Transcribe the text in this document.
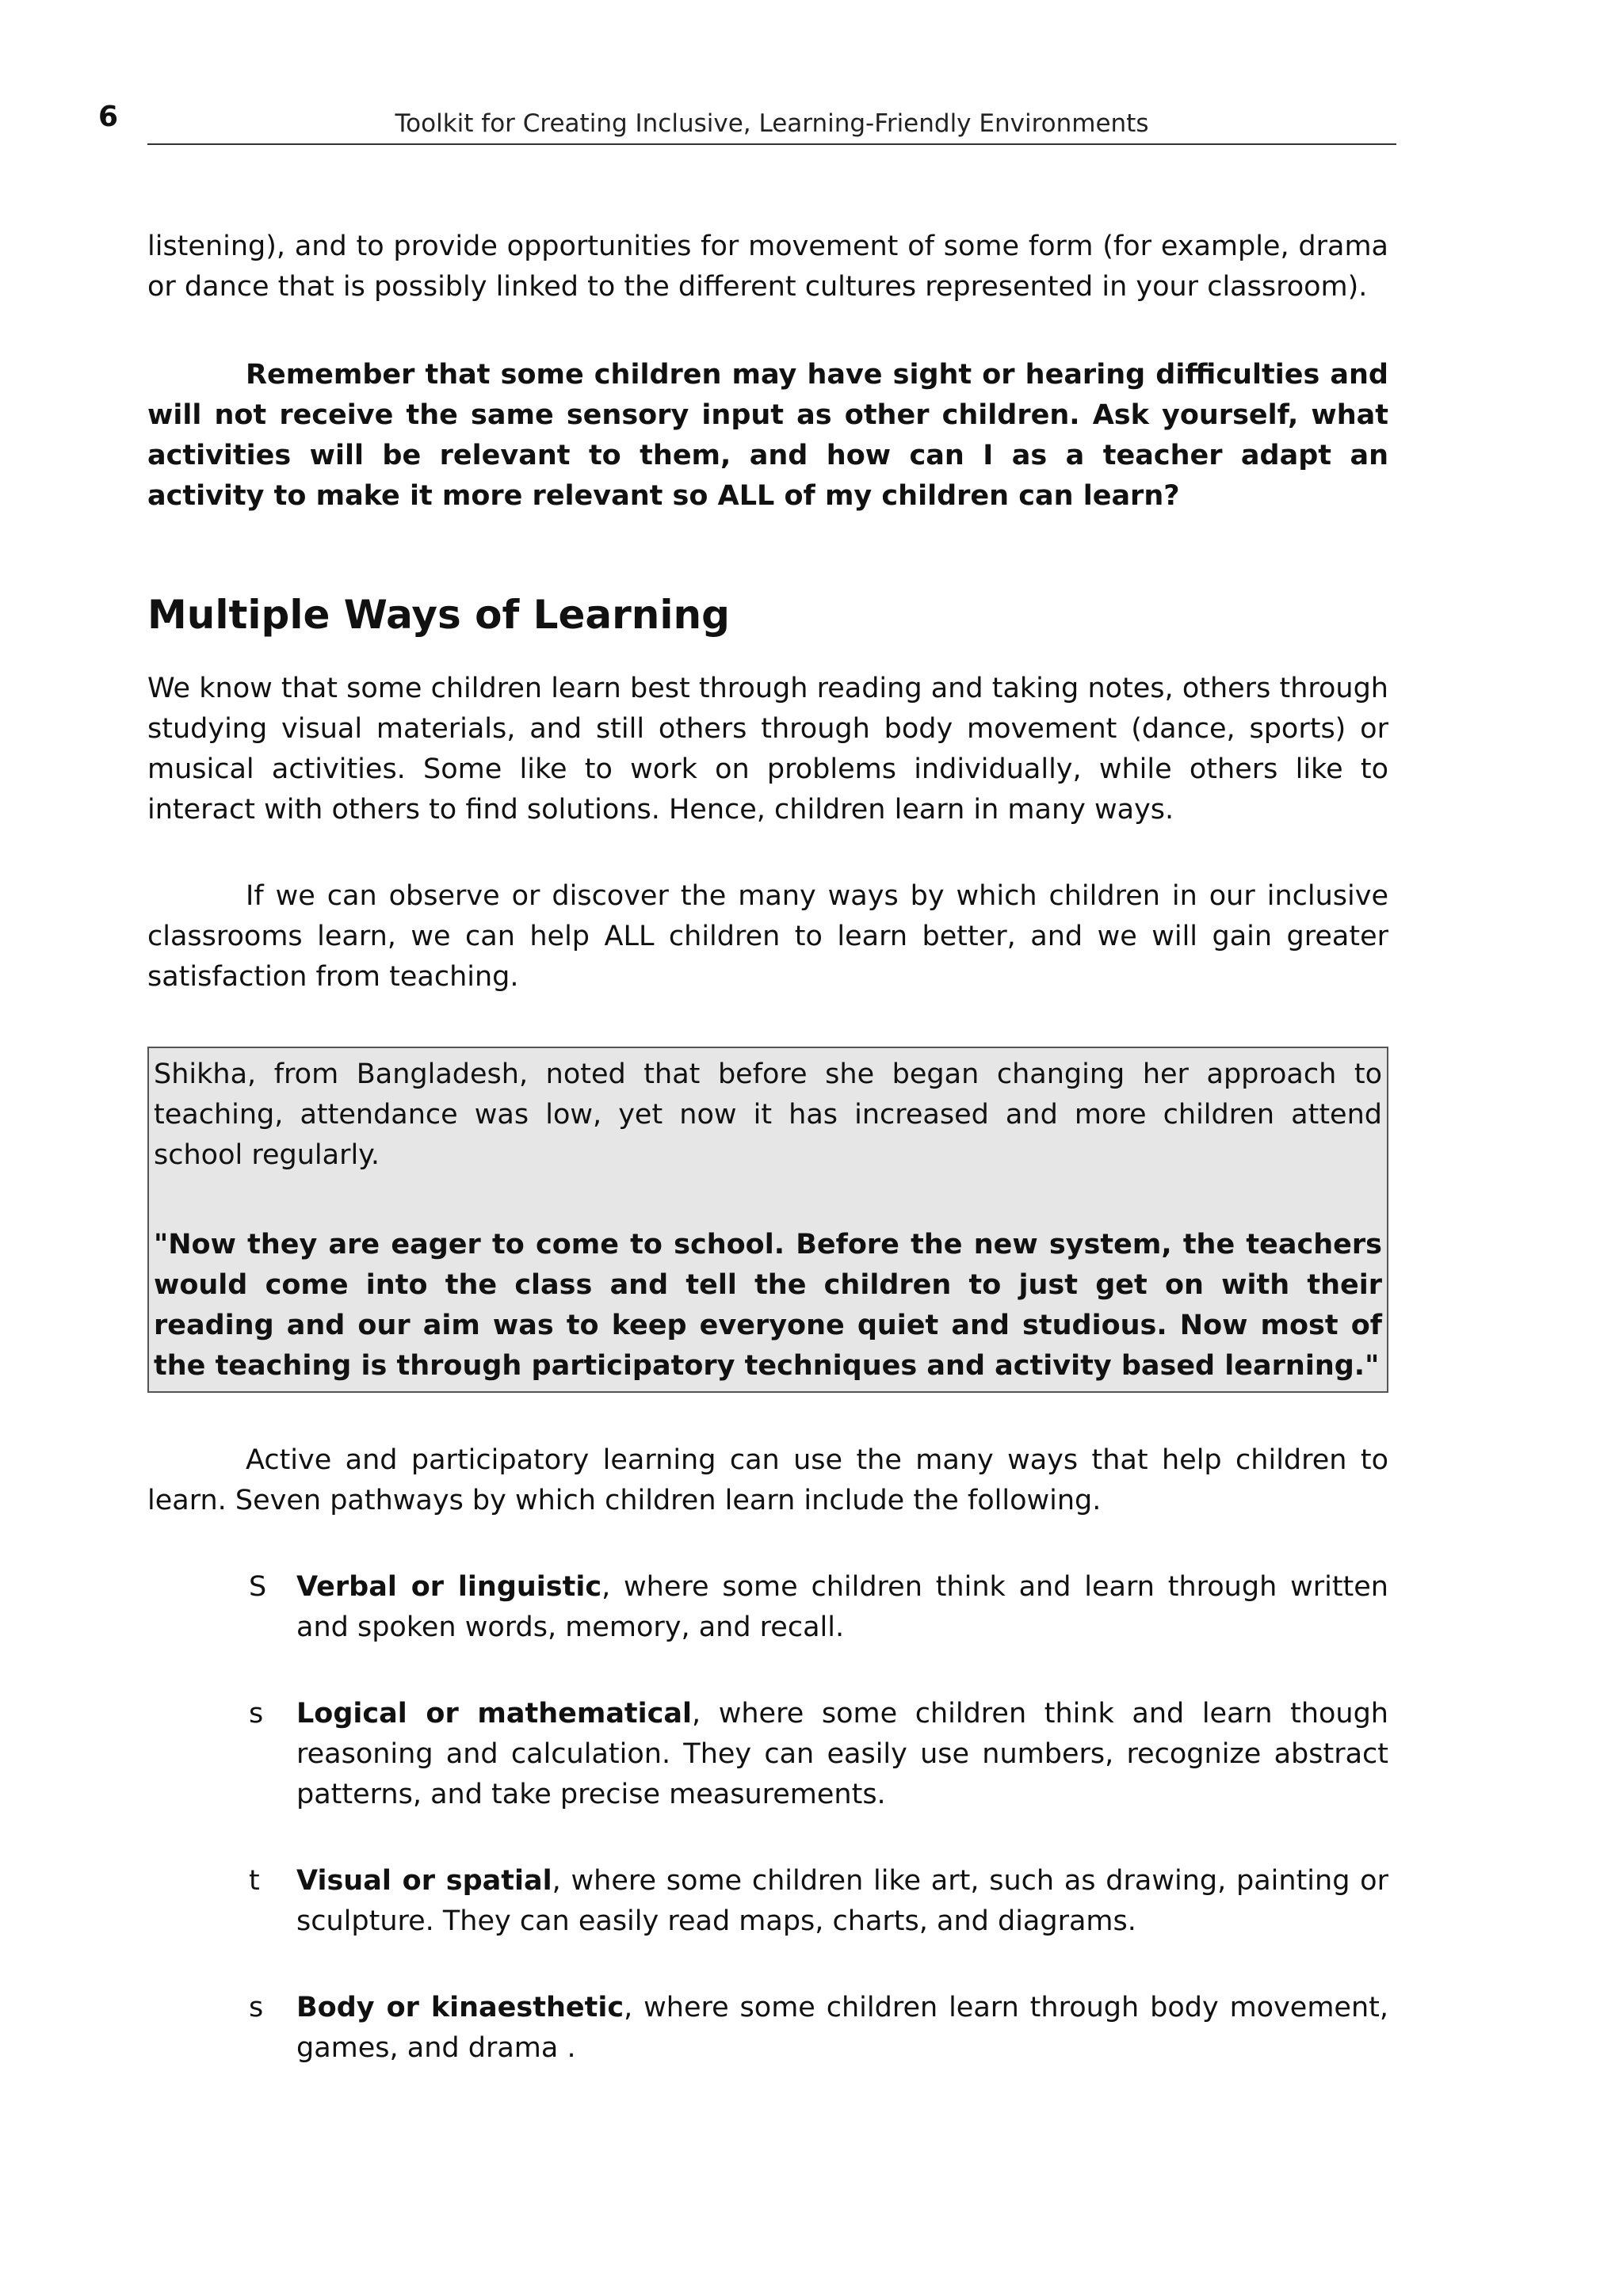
6	Toolkit for Creating Inclusive, Learning-Friendly Environments

listening), and to provide opportunities for movement of some form (for example, drama or dance that is possibly linked to the different cultures represented in your classroom).

Remember that some children may have sight or hearing difficulties and will not receive the same sensory input as other children. Ask yourself, what activities will be relevant to them, and how can I as a teacher adapt an activity to make it more relevant so ALL of my children can learn?

Multiple Ways of Learning

We know that some children learn best through reading and taking notes, others through studying visual materials, and still others through body movement (dance, sports) or musical activities. Some like to work on problems individually, while others like to interact with others to find solutions. Hence, children learn in many ways.

If we can observe or discover the many ways by which children in our inclusive classrooms learn, we can help ALL children to learn better, and we will gain greater satisfaction from teaching.

Shikha, from Bangladesh, noted that before she began changing her approach to teaching, attendance was low, yet now it has increased and more children attend school regularly.

"Now they are eager to come to school. Before the new system, the teachers would come into the class and tell the children to just get on with their reading and our aim was to keep everyone quiet and studious. Now most of the teaching is through participatory techniques and activity based learning."

Active and participatory learning can use the many ways that help children to learn. Seven pathways by which children learn include the following.

S Verbal or linguistic, where some children think and learn through written and spoken words, memory, and recall.

s Logical or mathematical, where some children think and learn though reasoning and calculation. They can easily use numbers, recognize abstract patterns, and take precise measurements.

t Visual or spatial, where some children like art, such as drawing, painting or sculpture. They can easily read maps, charts, and diagrams.

s Body or kinaesthetic, where some children learn through body movement, games, and drama .
